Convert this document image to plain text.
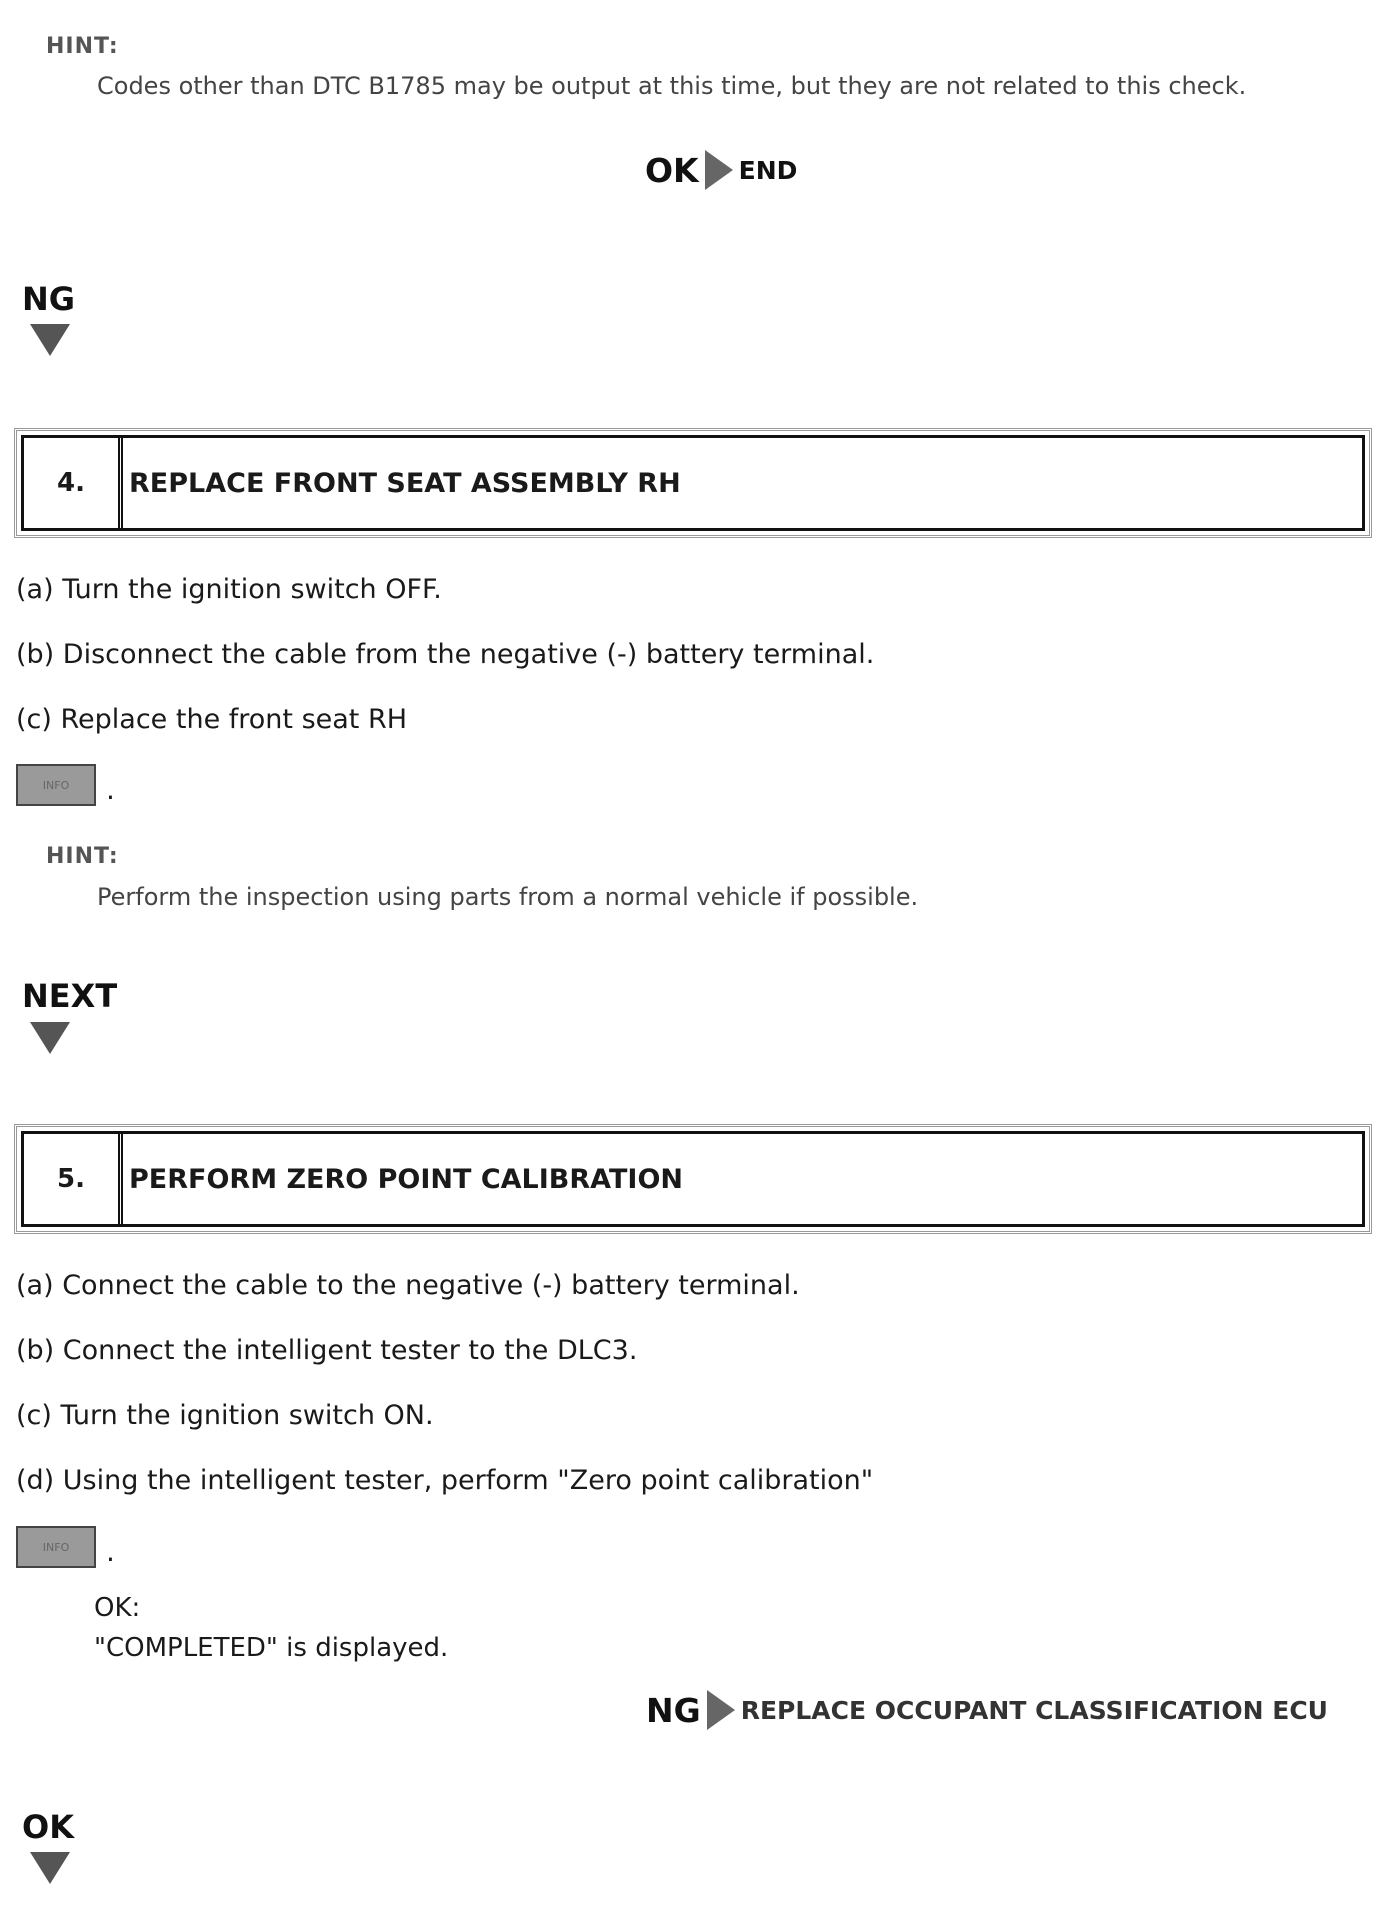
HINT:
Codes other than DTC B1785 may be output at this time, but they are not related to this check.
OK END
NG
4.	REPLACE FRONT SEAT ASSEMBLY RH
(a) Turn the ignition switch OFF.
(b) Disconnect the cable from the negative (-) battery terminal.
(c) Replace the front seat RH
INFO	.
HINT:
Perform the inspection using parts from a normal vehicle if possible.
NEXT
5.	PERFORM ZERO POINT CALIBRATION
(a) Connect the cable to the negative (-) battery terminal.
(b) Connect the intelligent tester to the DLC3.
(c) Turn the ignition switch ON.
(d) Using the intelligent tester, perform "Zero point calibration"
INFO	.
OK:
"COMPLETED" is displayed.
NG REPLACE OCCUPANT CLASSIFICATION ECU
OK
